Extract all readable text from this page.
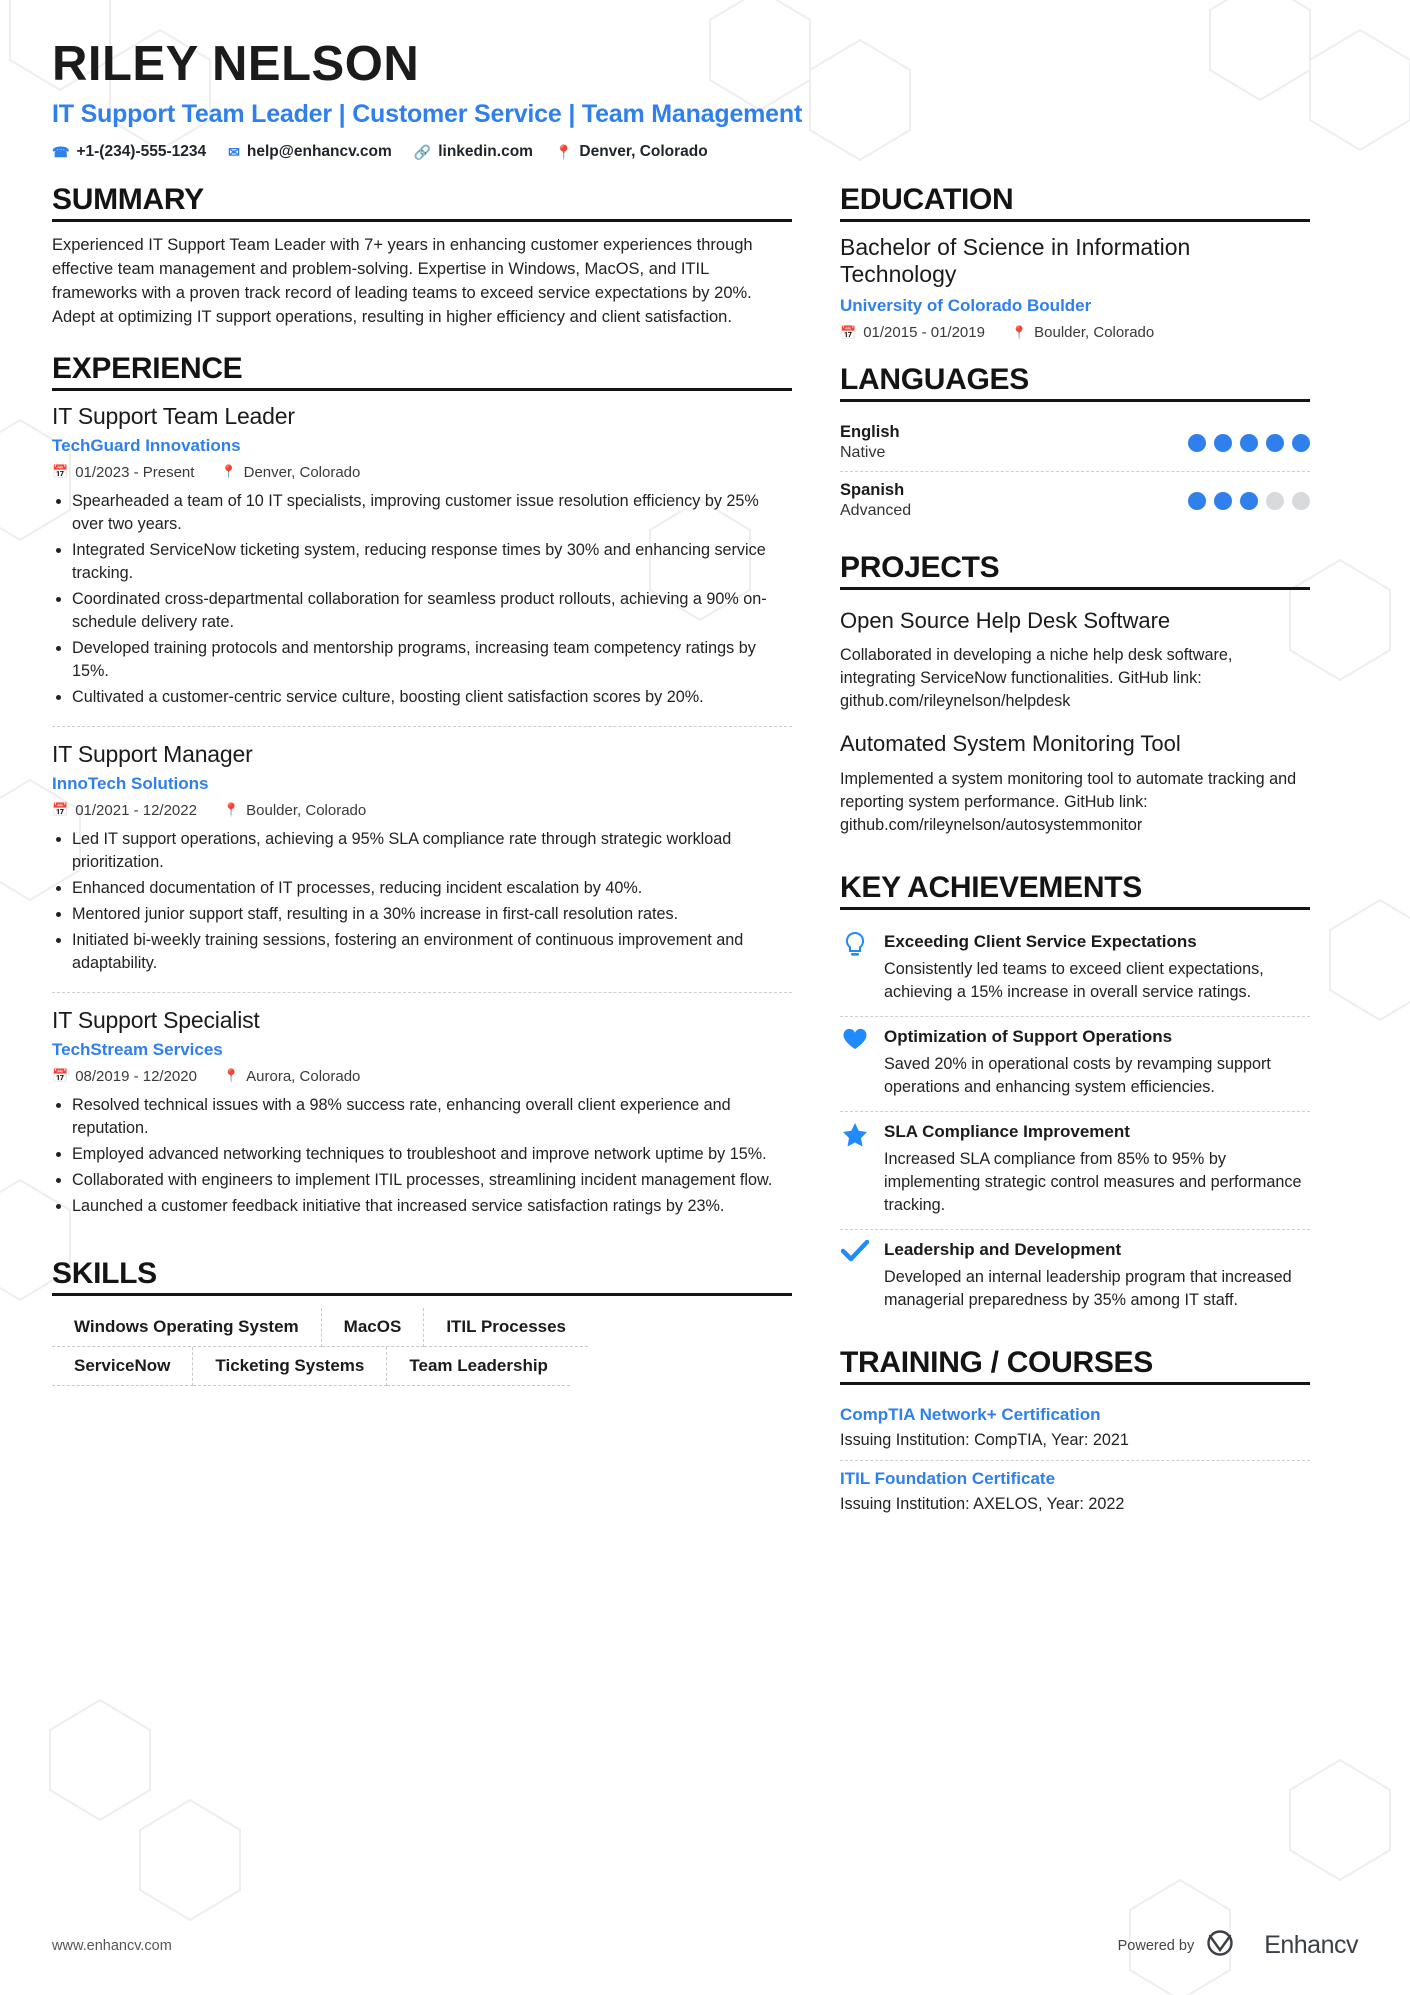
RILEY NELSON
IT Support Team Leader | Customer Service | Team Management
☎ +1-(234)-555-1234 ✉ help@enhancv.com 🔗 linkedin.com 📍 Denver, Colorado
SUMMARY

Experienced IT Support Team Leader with 7+ years in enhancing customer experiences through effective team management and problem-solving. Expertise in Windows, MacOS, and ITIL frameworks with a proven track record of leading teams to exceed service expectations by 20%. Adept at optimizing IT support operations, resulting in higher efficiency and client satisfaction.

EXPERIENCE
IT Support Team Leader
TechGuard Innovations
📅 01/2023 - Present 📍 Denver, Colorado
• Spearheaded a team of 10 IT specialists, improving customer issue resolution efficiency by 25% over two years.
• Integrated ServiceNow ticketing system, reducing response times by 30% and enhancing service tracking.
• Coordinated cross-departmental collaboration for seamless product rollouts, achieving a 90% on-schedule delivery rate.
• Developed training protocols and mentorship programs, increasing team competency ratings by 15%.
• Cultivated a customer-centric service culture, boosting client satisfaction scores by 20%.
IT Support Manager
InnoTech Solutions
📅 01/2021 - 12/2022 📍 Boulder, Colorado
• Led IT support operations, achieving a 95% SLA compliance rate through strategic workload prioritization.
• Enhanced documentation of IT processes, reducing incident escalation by 40%.
• Mentored junior support staff, resulting in a 30% increase in first-call resolution rates.
• Initiated bi-weekly training sessions, fostering an environment of continuous improvement and adaptability.
IT Support Specialist
TechStream Services
📅 08/2019 - 12/2020 📍 Aurora, Colorado
• Resolved technical issues with a 98% success rate, enhancing overall client experience and reputation.
• Employed advanced networking techniques to troubleshoot and improve network uptime by 15%.
• Collaborated with engineers to implement ITIL processes, streamlining incident management flow.
• Launched a customer feedback initiative that increased service satisfaction ratings by 23%.
SKILLS
Windows Operating System	MacOS	ITIL Processes
ServiceNow	Ticketing Systems	Team Leadership
EDUCATION
Bachelor of Science in Information Technology
University of Colorado Boulder
📅 01/2015 - 01/2019 📍 Boulder, Colorado
LANGUAGES
English
Native
Spanish
Advanced
PROJECTS
Open Source Help Desk Software
Collaborated in developing a niche help desk software, integrating ServiceNow functionalities. GitHub link: github.com/rileynelson/helpdesk
Automated System Monitoring Tool
Implemented a system monitoring tool to automate tracking and reporting system performance. GitHub link: github.com/rileynelson/autosystemmonitor
KEY ACHIEVEMENTS
Exceeding Client Service Expectations
Consistently led teams to exceed client expectations, achieving a 15% increase in overall service ratings.
Optimization of Support Operations
Saved 20% in operational costs by revamping support operations and enhancing system efficiencies.
SLA Compliance Improvement
Increased SLA compliance from 85% to 95% by implementing strategic control measures and performance tracking.
Leadership and Development
Developed an internal leadership program that increased managerial preparedness by 35% among IT staff.
TRAINING / COURSES
CompTIA Network+ Certification
Issuing Institution: CompTIA, Year: 2021
ITIL Foundation Certificate
Issuing Institution: AXELOS, Year: 2022
www.enhancv.com	Powered by	Enhancv
